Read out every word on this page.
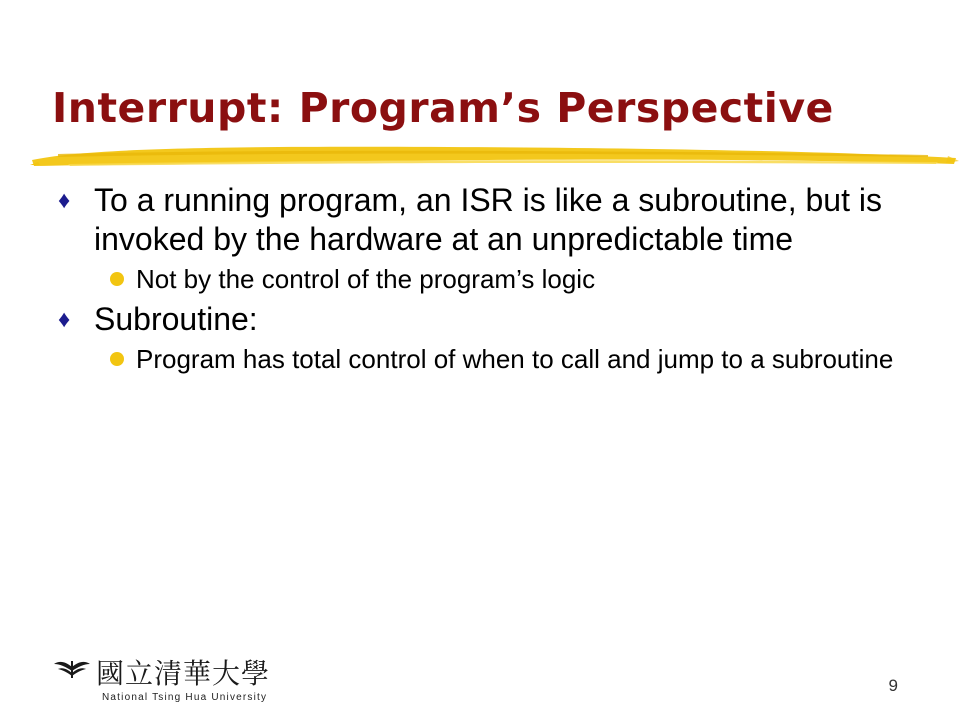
Interrupt: Program’s Perspective
♦ To a running program, an ISR is like a subroutine, but is invoked by the hardware at an unpredictable time
Not by the control of the program’s logic
♦ Subroutine:
Program has total control of when to call and jump to a subroutine
國立清華大學
National Tsing Hua University
9
